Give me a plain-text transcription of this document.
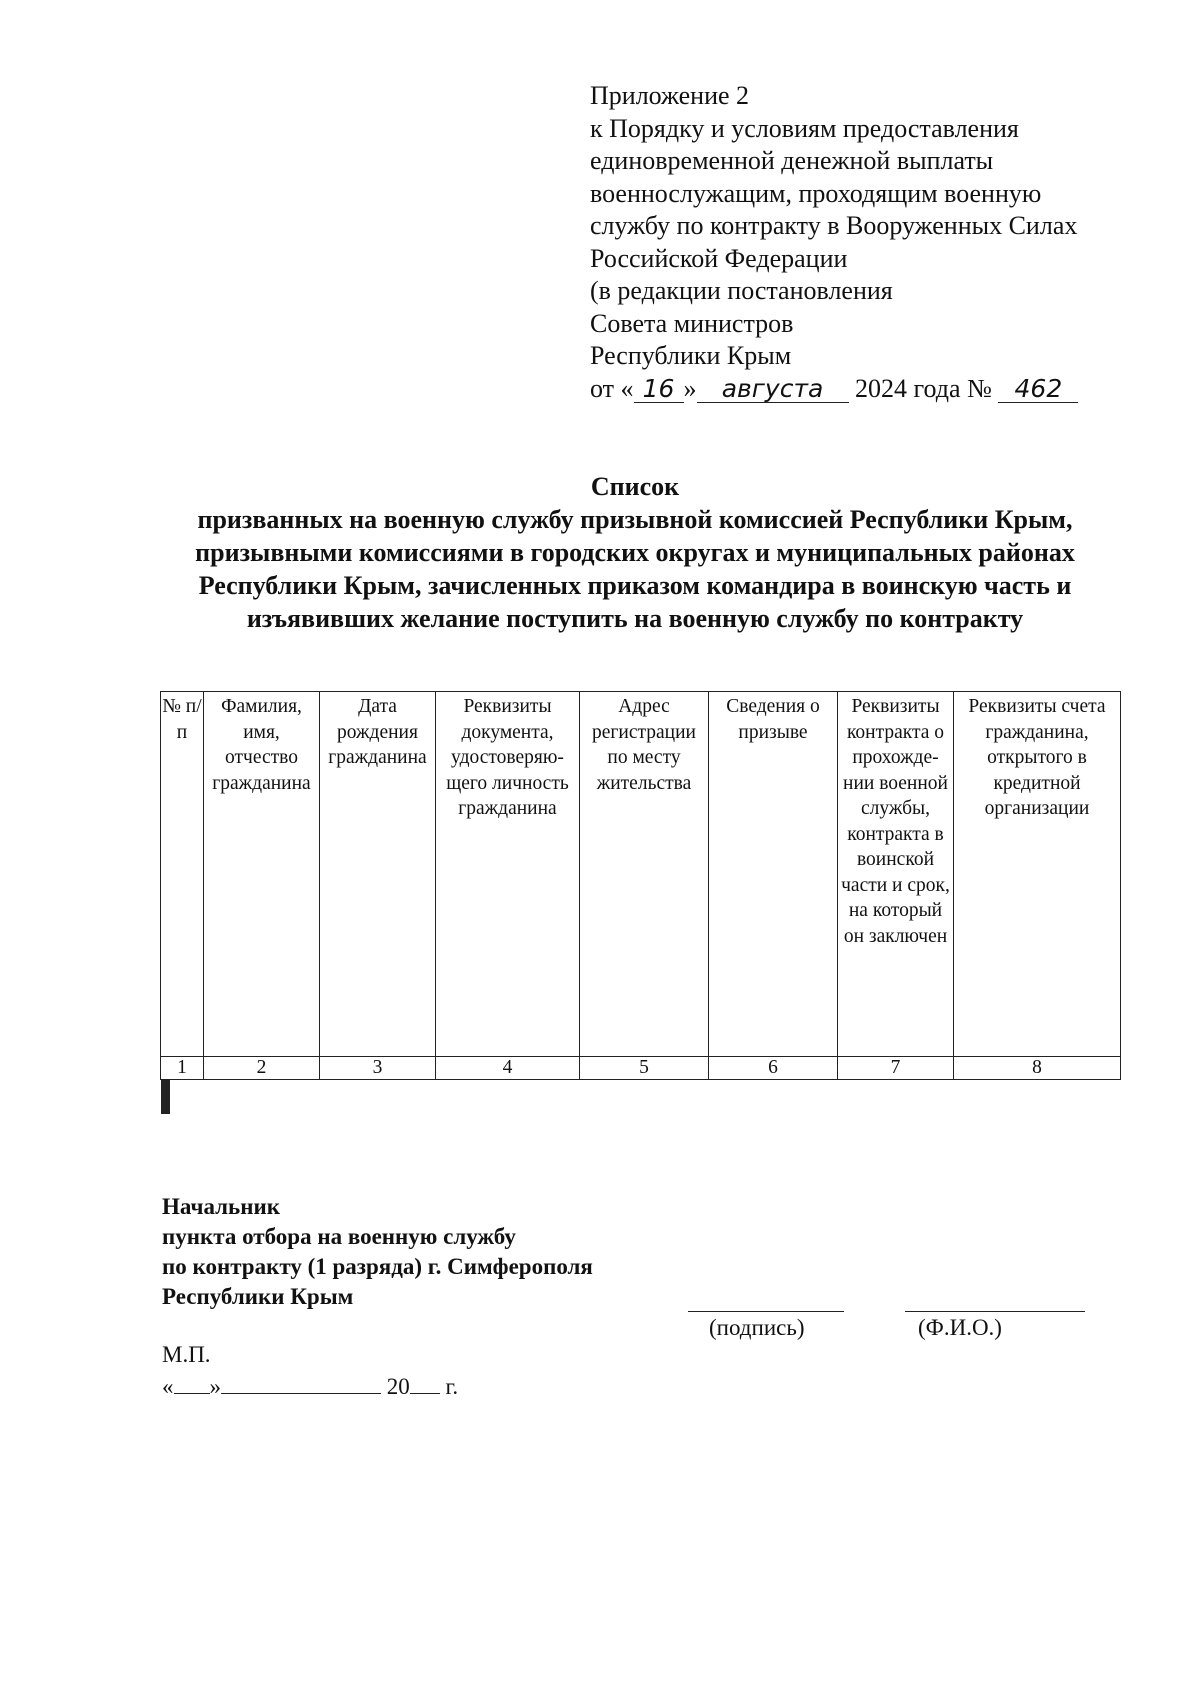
Приложение 2
к Порядку и условиям предоставления
единовременной денежной выплаты
военнослужащим, проходящим военную
службу по контракту в Вооруженных Силах
Российской Федерации
(в редакции постановления
Совета министров
Республики Крым
от « 16 » августа 2024 года № 462
Список
призванных на военную службу призывной комиссией Республики Крым,
призывными комиссиями в городских округах и муниципальных районах
Республики Крым, зачисленных приказом командира в воинскую часть и
изъявивших желание поступить на военную службу по контракту
№ п/п	Фамилия, имя, отчество гражданина	Дата рождения гражданина	Реквизиты документа, удостоверяю-щего личность гражданина	Адрес регистрации по месту жительства	Сведения о призыве	Реквизиты контракта о прохожде-нии военной службы, контракта в воинской части и срок, на который он заключен	Реквизиты счета гражданина, открытого в кредитной организации
1	2	3	4	5	6	7	8

Начальник
пункта отбора на военную службу
по контракту (1 разряда) г. Симферополя
Республики Крым
(подпись)	(Ф.И.О.)
М.П.
« »	20 г.
